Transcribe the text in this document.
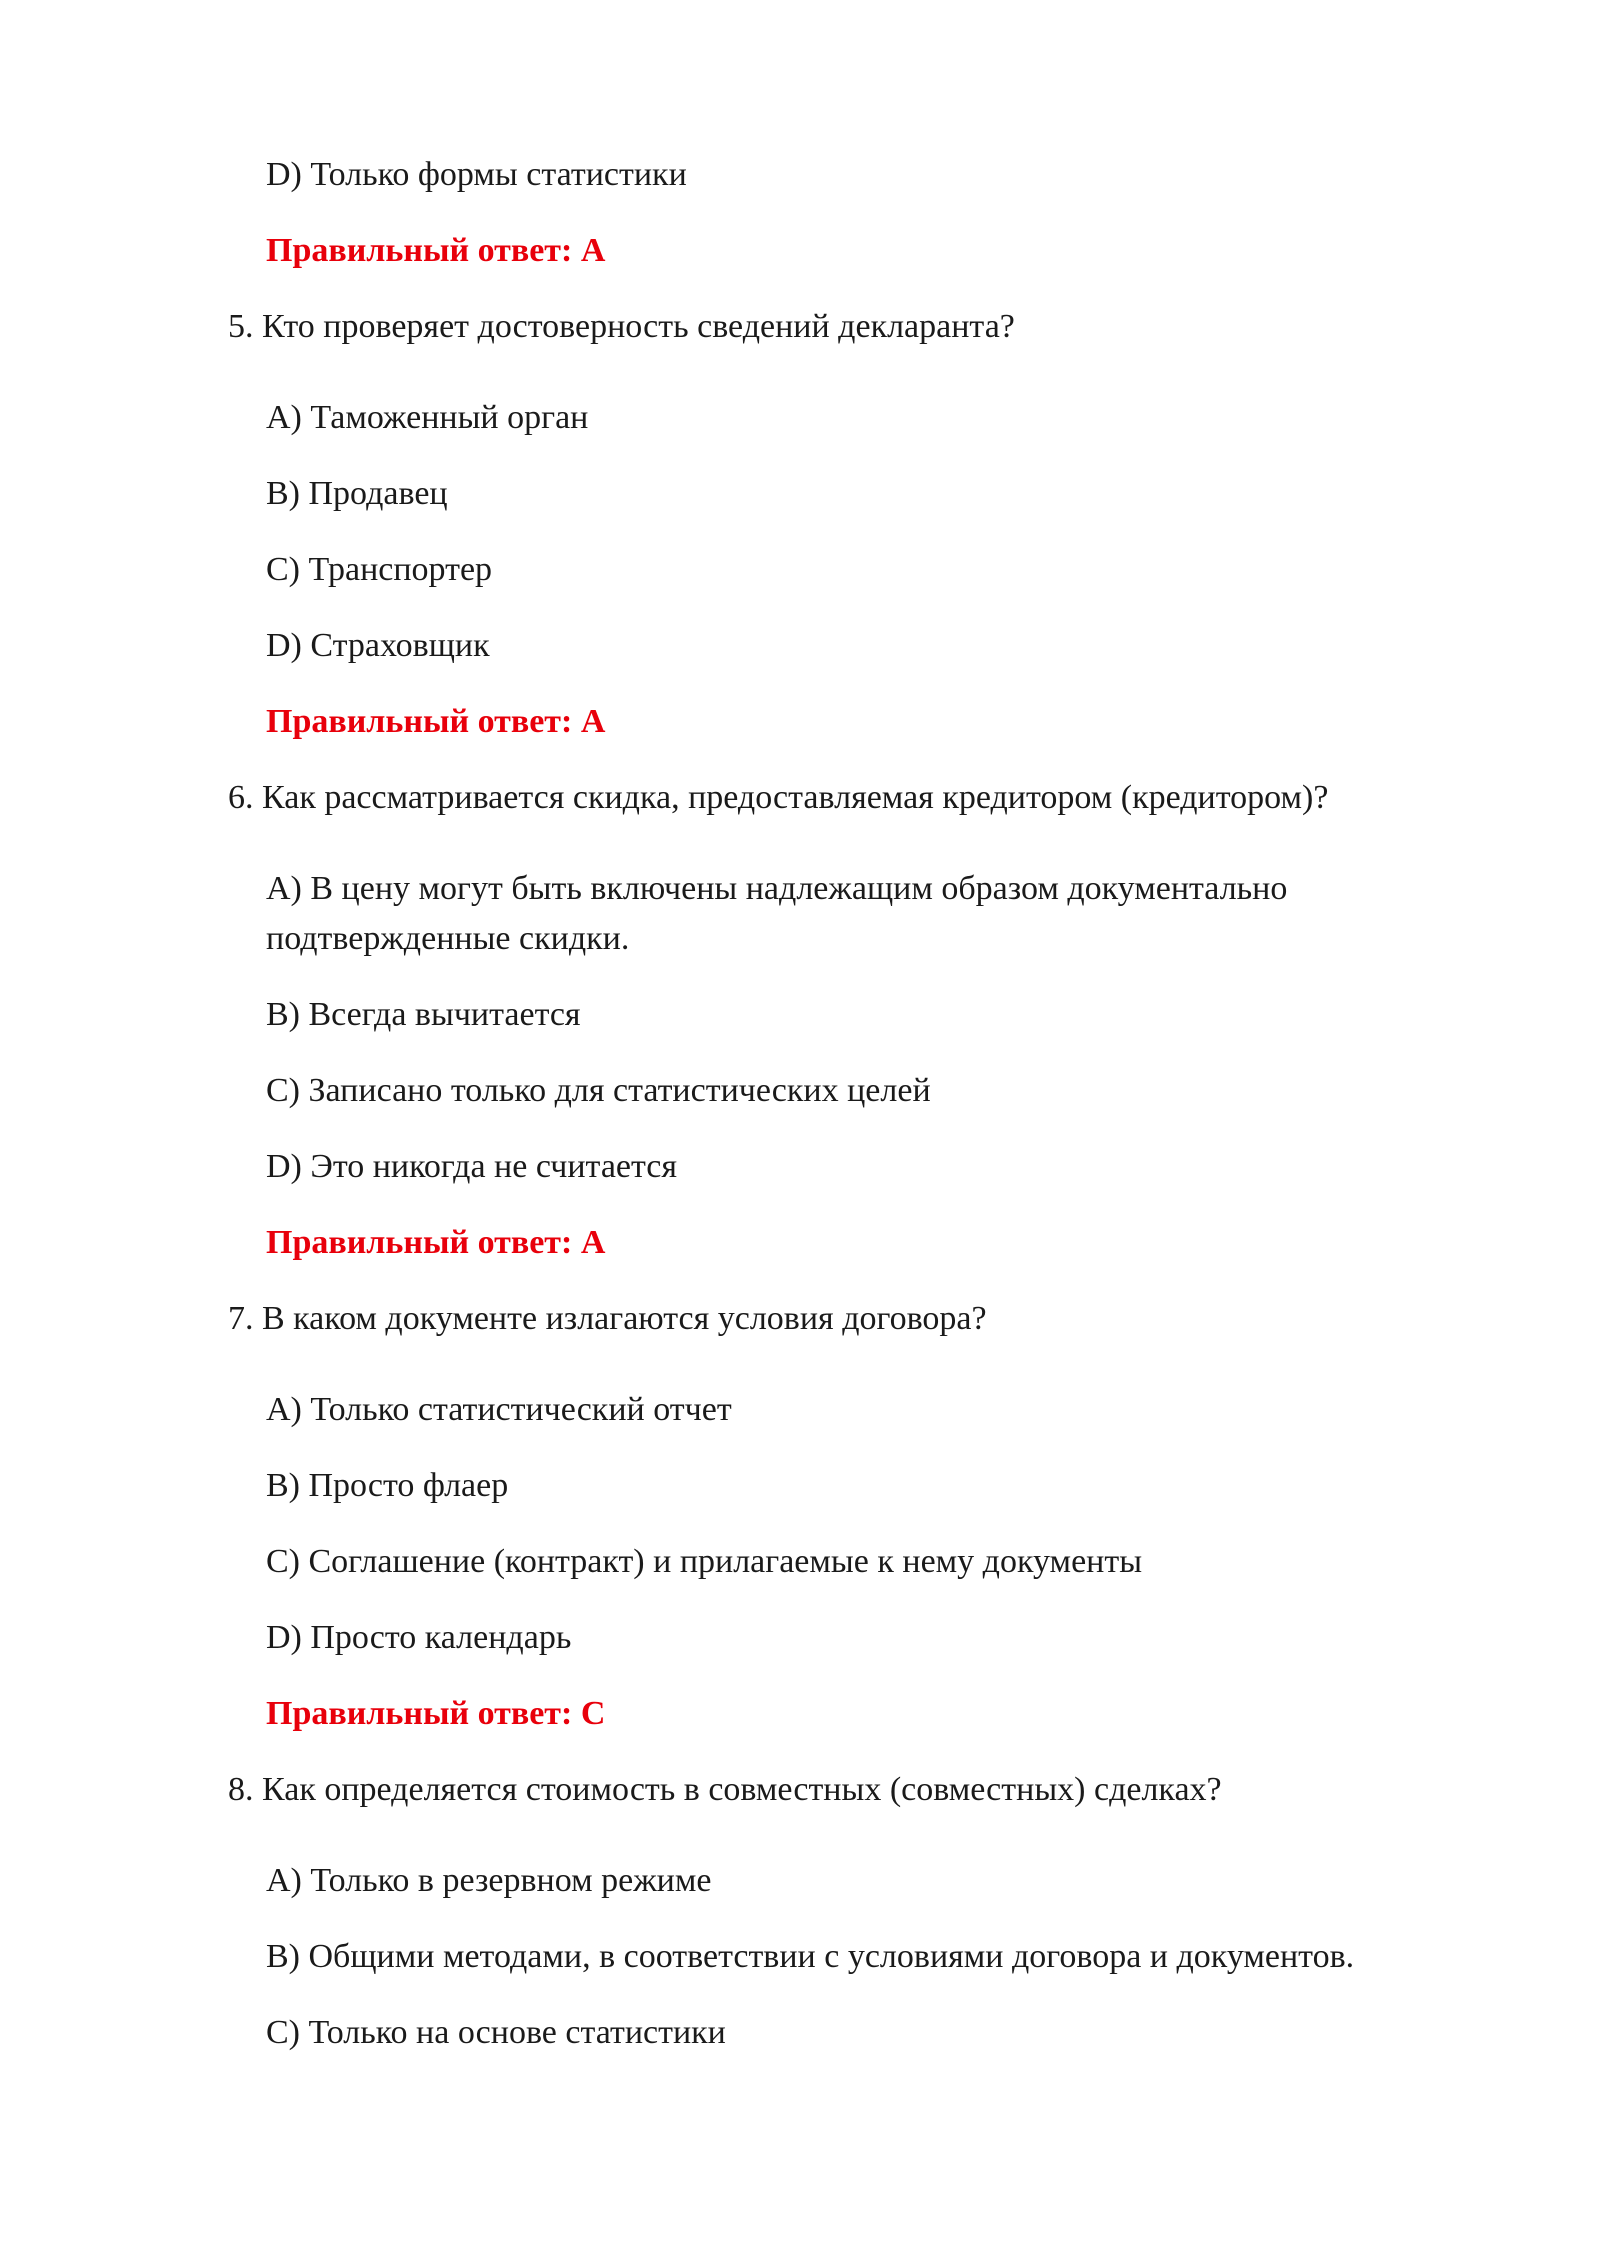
D) Только формы статистики
Правильный ответ: A
5. Кто проверяет достоверность сведений декларанта?
A) Таможенный орган
B) Продавец
C) Транспортер
D) Страховщик
Правильный ответ: A
6. Как рассматривается скидка, предоставляемая кредитором (кредитором)?
A) В цену могут быть включены надлежащим образом документально подтвержденные скидки.
B) Всегда вычитается
C) Записано только для статистических целей
D) Это никогда не считается
Правильный ответ: A
7. В каком документе излагаются условия договора?
A) Только статистический отчет
B) Просто флаер
C) Соглашение (контракт) и прилагаемые к нему документы
D) Просто календарь
Правильный ответ: C
8. Как определяется стоимость в совместных (совместных) сделках?
A) Только в резервном режиме
B) Общими методами, в соответствии с условиями договора и документов.
C) Только на основе статистики
